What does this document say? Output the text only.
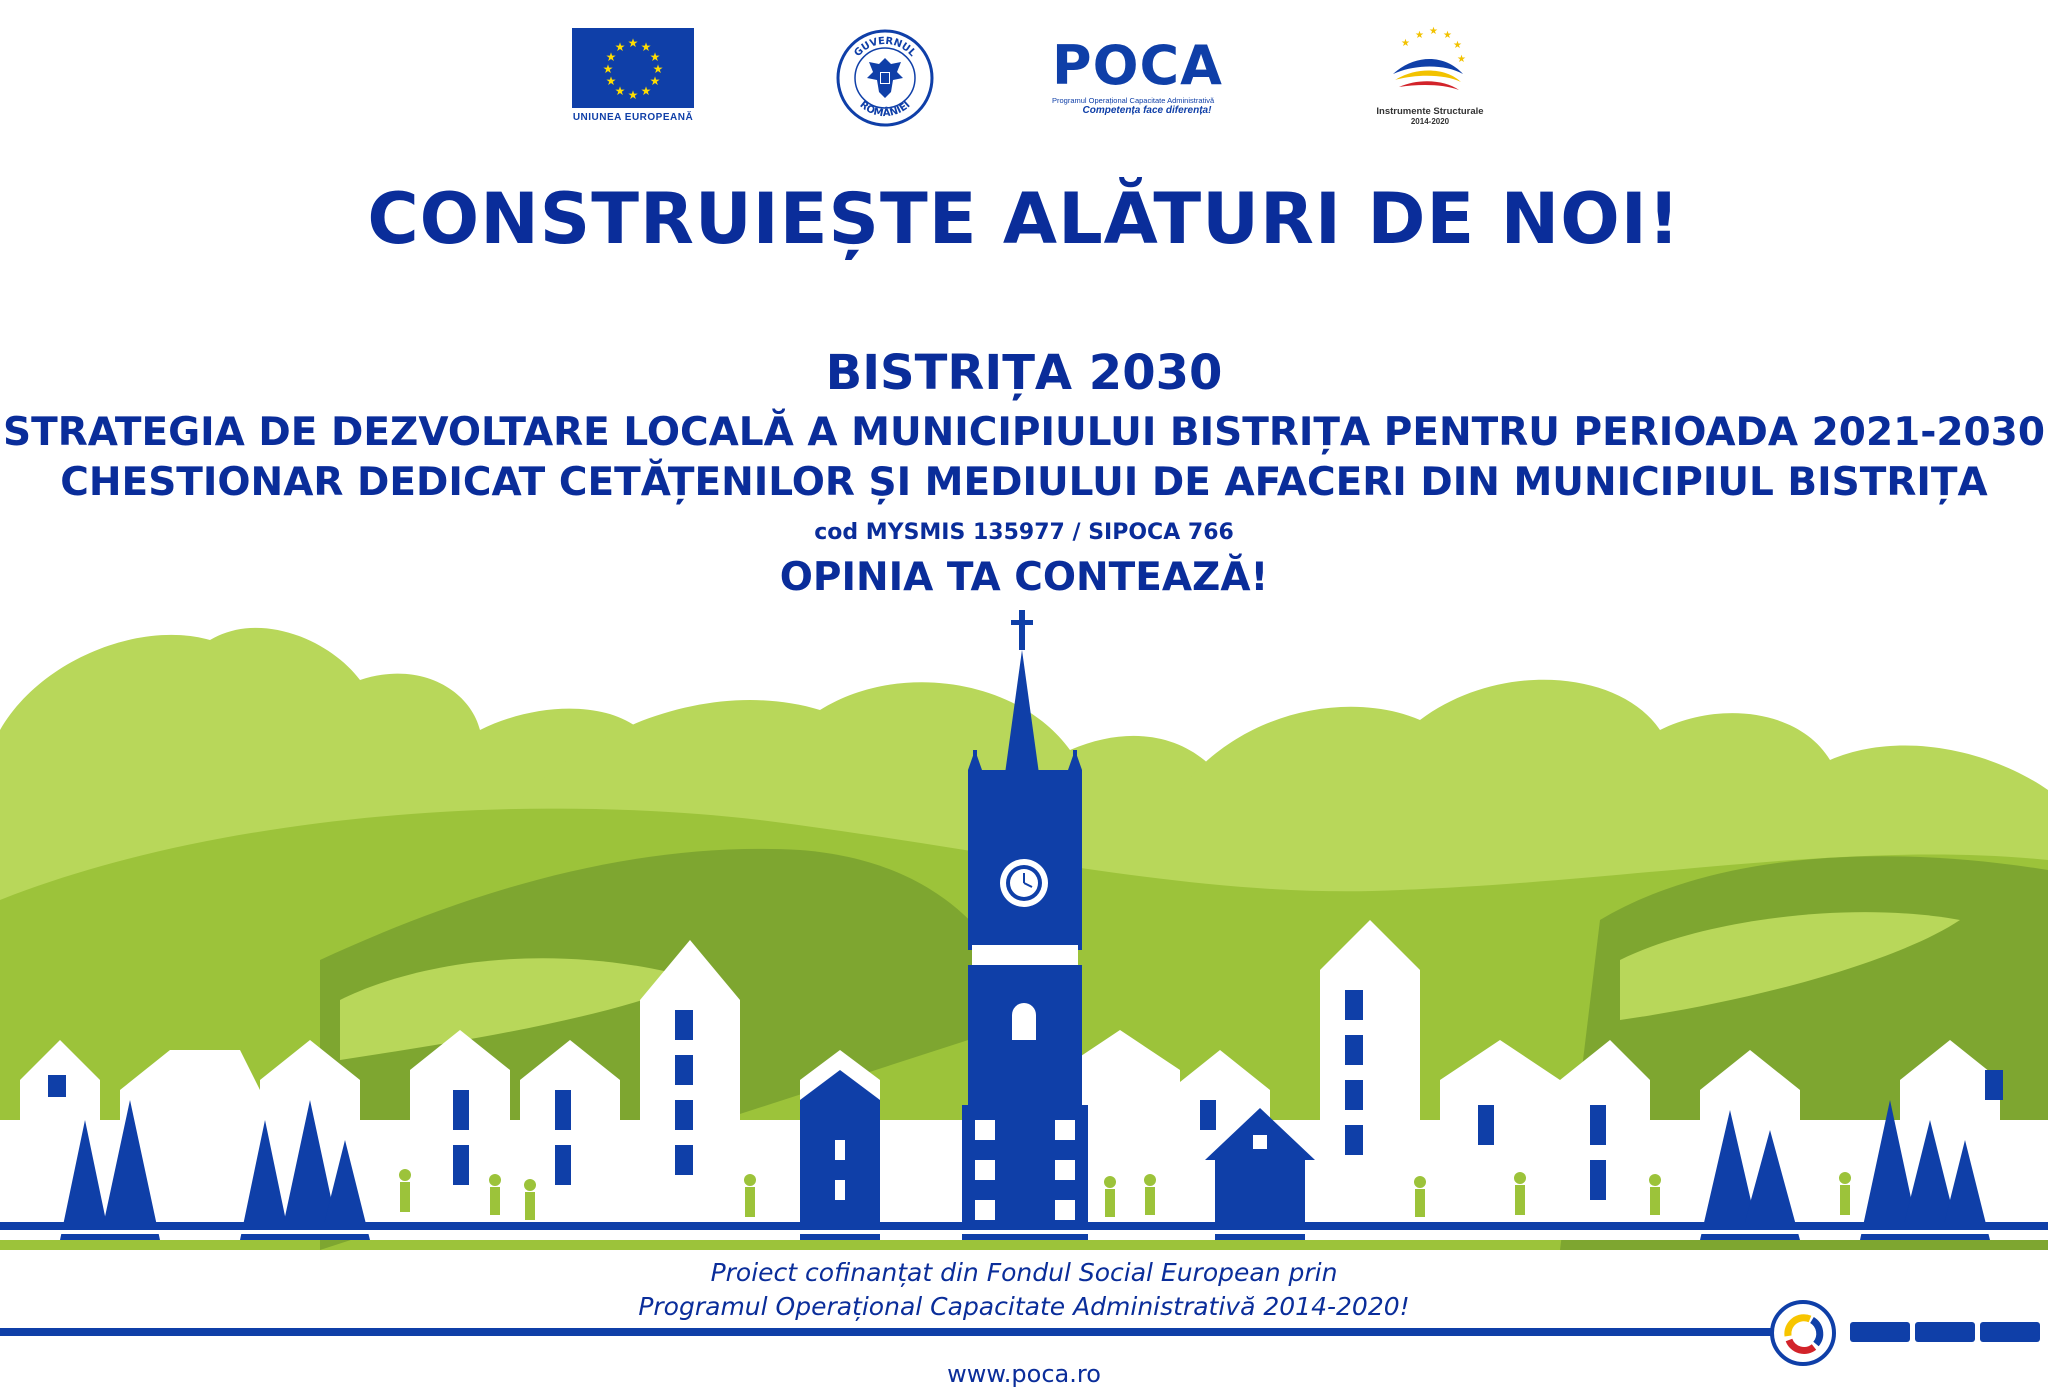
★ ★
★
★
★
★
★
★
★
★
★
★
UNIUNEA EUROPEANĂ
GUVERNUL
ROMÂNIEI
POCA
Programul Operațional Capacitate Administrativă
Competența face diferența!
★ ★ ★
★
★
★
Instrumente Structurale
2014-2020
CONSTRUIEȘTE ALĂTURI DE NOI!
BISTRIȚA 2030
STRATEGIA DE DEZVOLTARE LOCALĂ A MUNICIPIULUI BISTRIȚA PENTRU PERIOADA 2021-2030
CHESTIONAR DEDICAT CETĂȚENILOR ȘI MEDIULUI DE AFACERI DIN MUNICIPIUL BISTRIȚA
cod MYSMIS 135977 / SIPOCA 766
OPINIA TA CONTEAZĂ!
Proiect cofinanțat din Fondul Social European prin
Programul Operațional Capacitate Administrativă 2014-2020!
www.poca.ro
